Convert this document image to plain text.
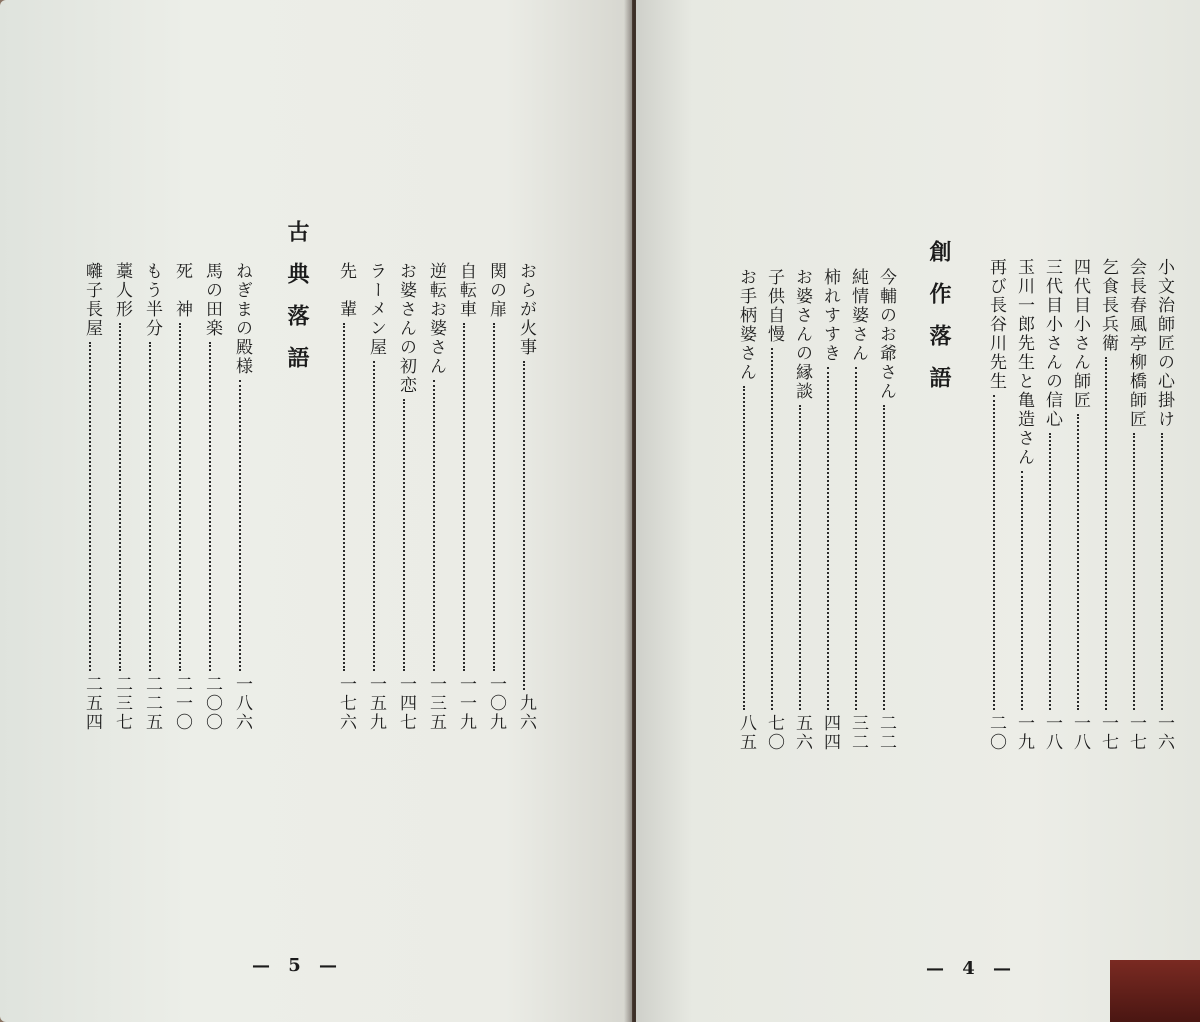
おらが火事
九六
関の扉
一〇九
自転車
一一九
逆転お婆さん
一三五
お婆さんの初恋
一四七
ラーメン屋
一五九
先　輩
一七六
古典落語
ねぎまの殿様
一八六
馬の田楽
二〇〇
死　神
二一〇
もう半分
二二五
藁人形
二三七
囃子長屋
二五四
— 5 —
小文治師匠の心掛け
一六
会長春風亭柳橋師匠
一七
乞食長兵衛
一七
四代目小さん師匠
一八
三代目小さんの信心
一八
玉川一郎先生と亀造さん
一九
再び長谷川先生
二〇
創作落語
今輔のお爺さん
二二
純情婆さん
三二
柿れすすき
四四
お婆さんの縁談
五六
子供自慢
七〇
お手柄婆さん
八五
— 4 —
